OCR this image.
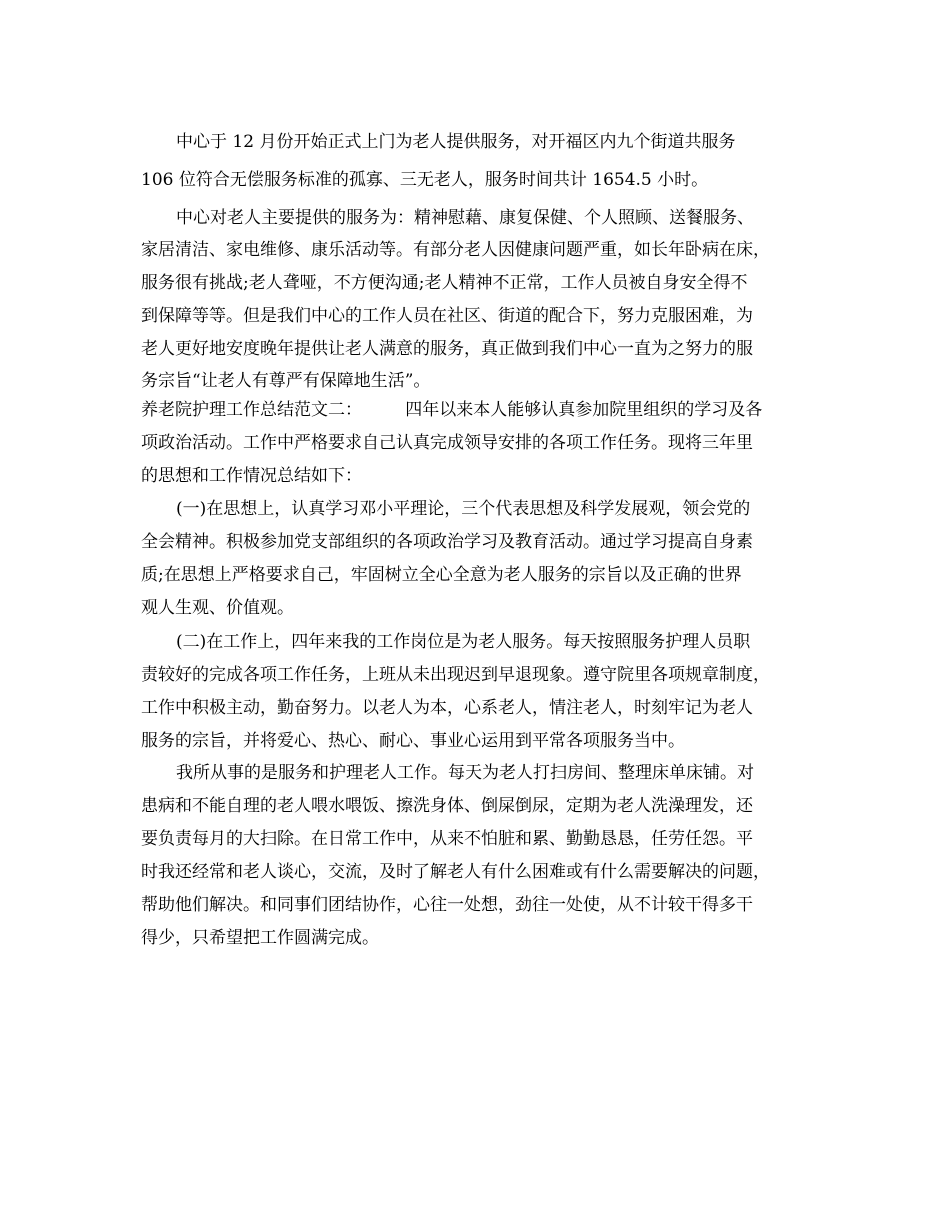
中心于 12 月份开始正式上门为老人提供服务，对开福区内九个街道共服务

106 位符合无偿服务标准的孤寡、三无老人，服务时间共计 1654.5 小时。

中心对老人主要提供的服务为：精神慰藉、康复保健、个人照顾、送餐服务、

家居清洁、家电维修、康乐活动等。有部分老人因健康问题严重，如长年卧病在床，

服务很有挑战;老人聋哑，不方便沟通;老人精神不正常，工作人员被自身安全得不

到保障等等。但是我们中心的工作人员在社区、街道的配合下，努力克服困难，为

老人更好地安度晚年提供让老人满意的服务，真正做到我们中心一直为之努力的服

务宗旨“让老人有尊严有保障地生活”。

养老院护理工作总结范文二：        四年以来本人能够认真参加院里组织的学习及各

项政治活动。工作中严格要求自己认真完成领导安排的各项工作任务。现将三年里

的思想和工作情况总结如下：

(一)在思想上，认真学习邓小平理论，三个代表思想及科学发展观，领会党的

全会精神。积极参加党支部组织的各项政治学习及教育活动。通过学习提高自身素

质;在思想上严格要求自己，牢固树立全心全意为老人服务的宗旨以及正确的世界

观人生观、价值观。

(二)在工作上，四年来我的工作岗位是为老人服务。每天按照服务护理人员职

责较好的完成各项工作任务，上班从未出现迟到早退现象。遵守院里各项规章制度，

工作中积极主动，勤奋努力。以老人为本，心系老人，情注老人，时刻牢记为老人

服务的宗旨，并将爱心、热心、耐心、事业心运用到平常各项服务当中。

我所从事的是服务和护理老人工作。每天为老人打扫房间、整理床单床铺。对

患病和不能自理的老人喂水喂饭、擦洗身体、倒屎倒尿，定期为老人洗澡理发，还

要负责每月的大扫除。在日常工作中，从来不怕脏和累、勤勤恳恳，任劳任怨。平

时我还经常和老人谈心，交流，及时了解老人有什么困难或有什么需要解决的问题，

帮助他们解决。和同事们团结协作，心往一处想，劲往一处使，从不计较干得多干

得少，只希望把工作圆满完成。
